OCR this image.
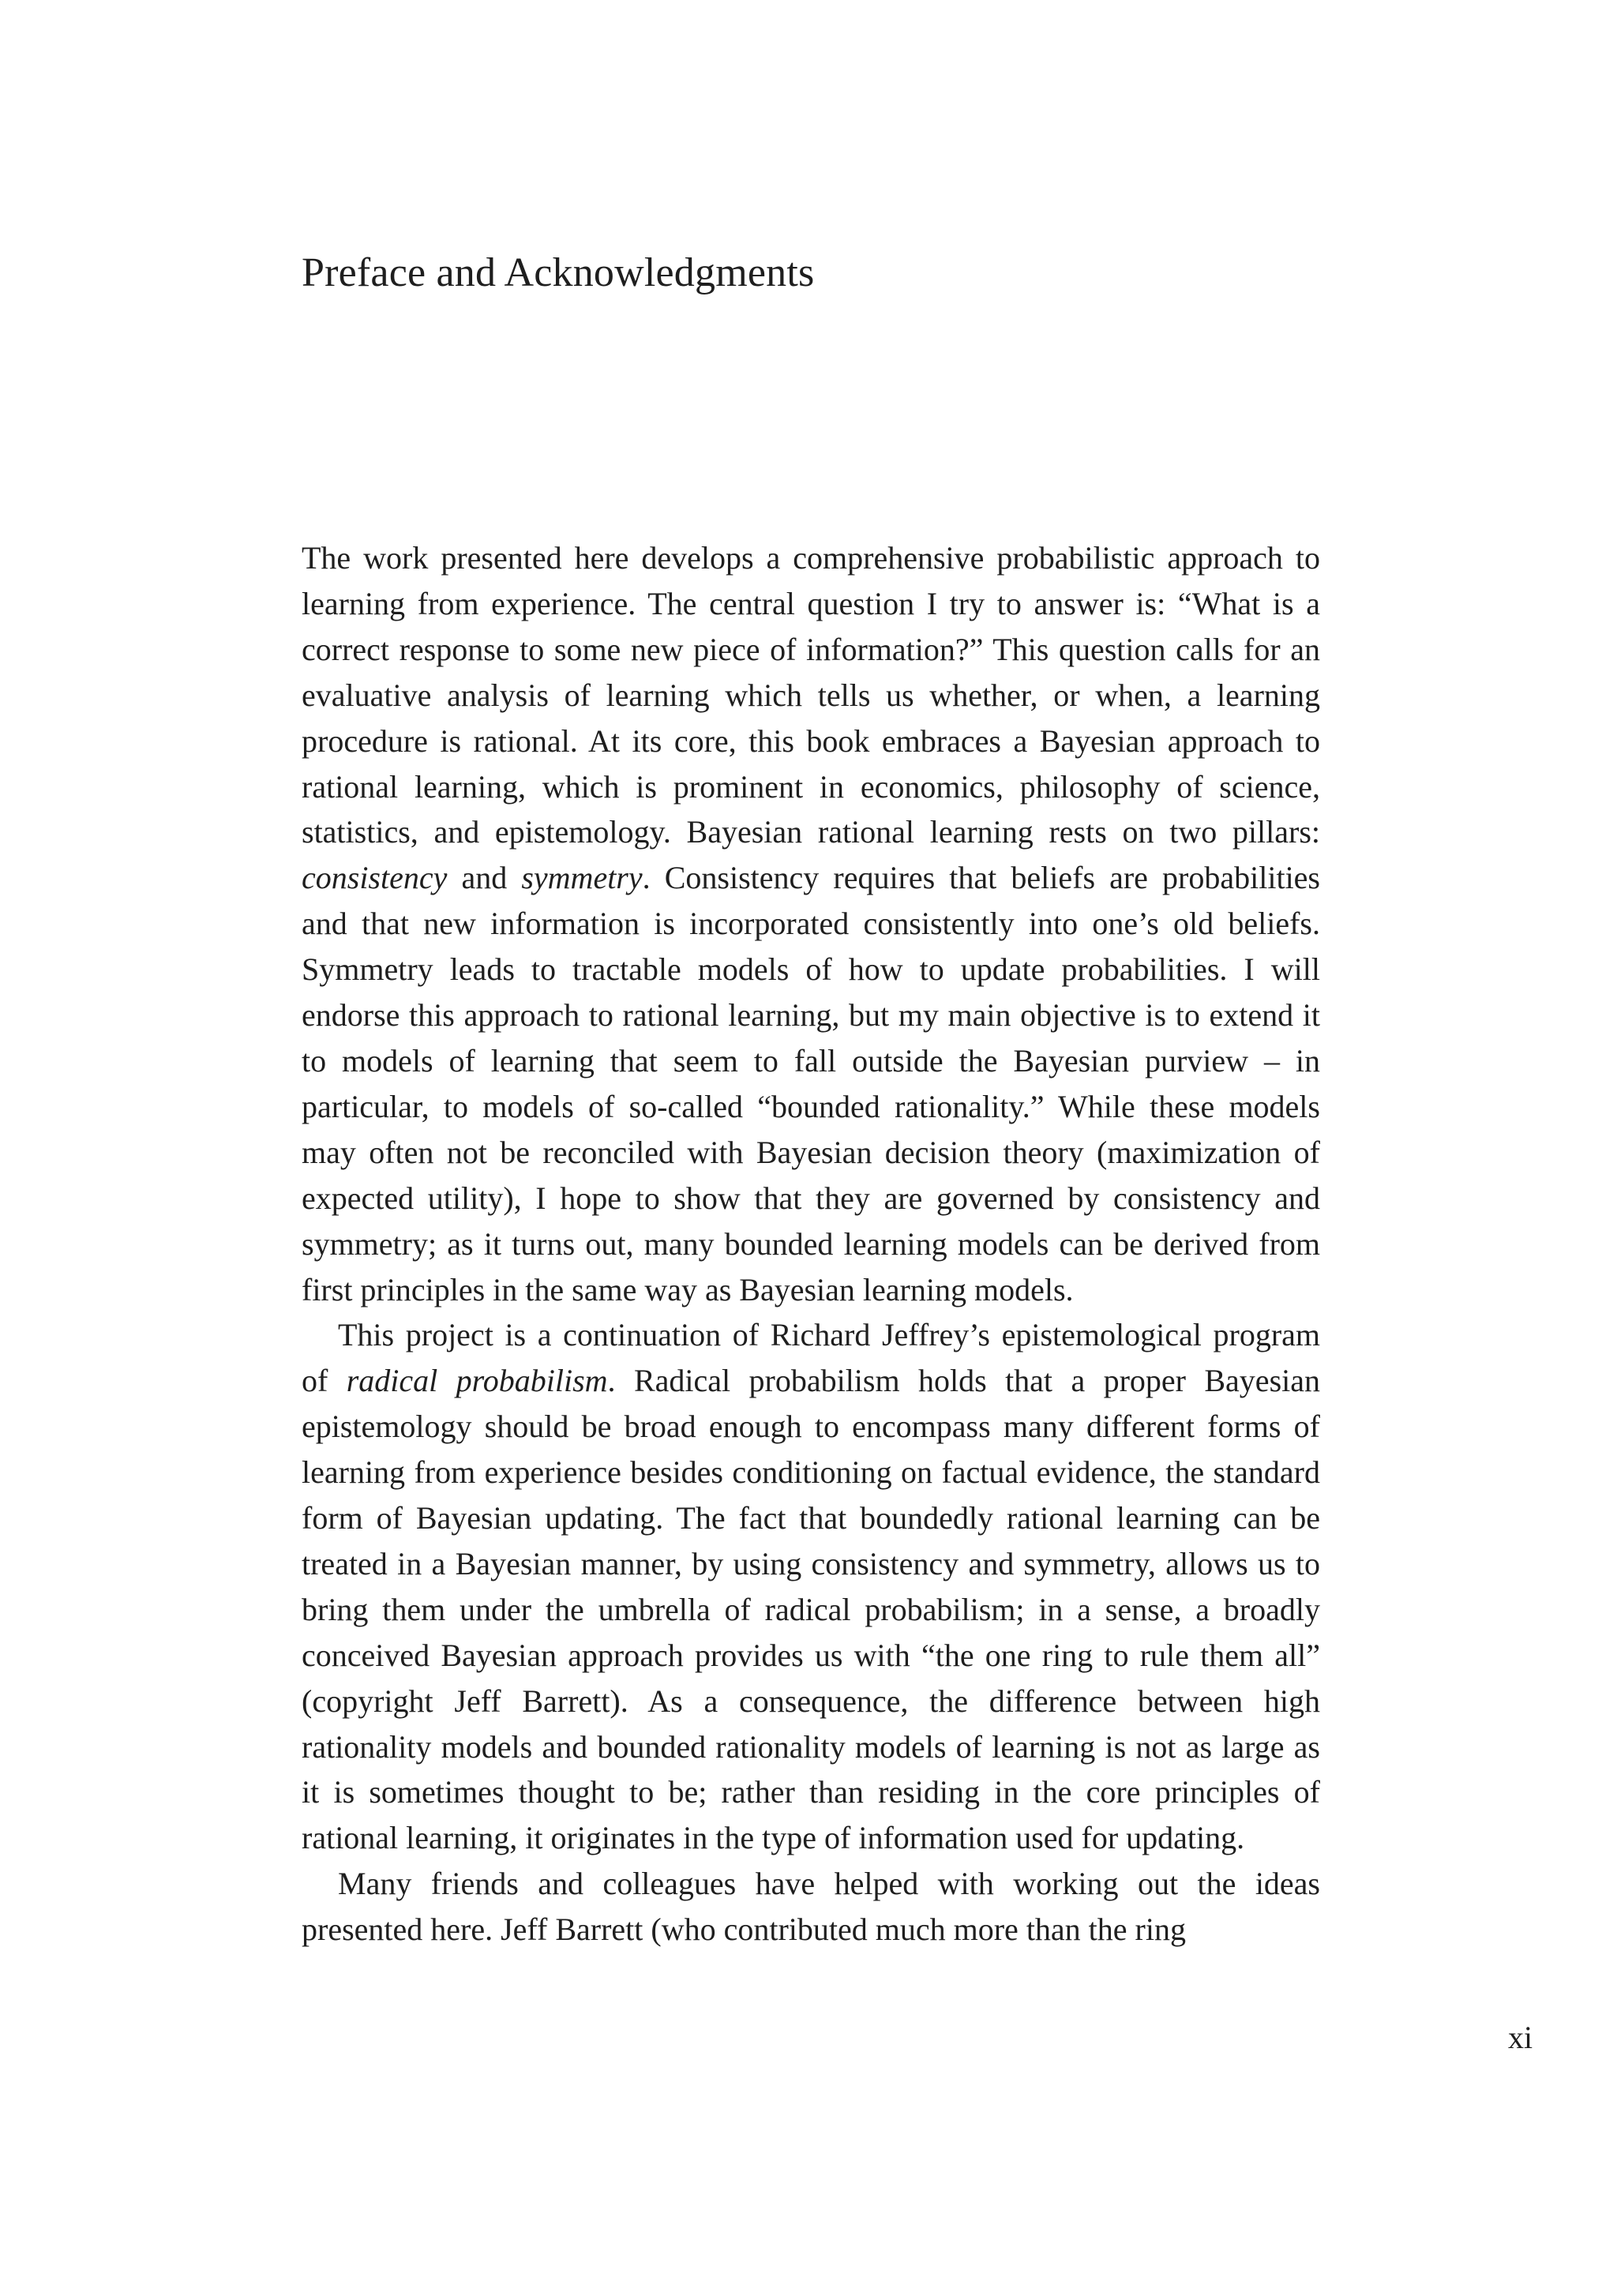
Preface and Acknowledgments

The work presented here develops a comprehensive probabilistic approach to learning from experience. The central question I try to answer is: “What is a correct response to some new piece of information?” This question calls for an evaluative analysis of learning which tells us whether, or when, a learning procedure is rational. At its core, this book embraces a Bayesian approach to rational learning, which is prominent in economics, philosophy of science, statistics, and epistemology. Bayesian rational learning rests on two pillars: consistency and symmetry. Consistency requires that beliefs are probabilities and that new information is incorporated consistently into one’s old beliefs. Symmetry leads to tractable models of how to update probabilities. I will endorse this approach to rational learning, but my main objective is to extend it to models of learning that seem to fall outside the Bayesian purview – in particular, to models of so-called “bounded rationality.” While these models may often not be reconciled with Bayesian decision theory (maximization of expected utility), I hope to show that they are governed by consistency and symmetry; as it turns out, many bounded learning models can be derived from first principles in the same way as Bayesian learning models.

This project is a continuation of Richard Jeffrey’s epistemological program of radical probabilism. Radical probabilism holds that a proper Bayesian epistemology should be broad enough to encompass many different forms of learning from experience besides conditioning on factual evidence, the standard form of Bayesian updating. The fact that boundedly rational learning can be treated in a Bayesian manner, by using consistency and symmetry, allows us to bring them under the umbrella of radical probabilism; in a sense, a broadly conceived Bayesian approach provides us with “the one ring to rule them all” (copyright Jeff Barrett). As a consequence, the difference between high rationality models and bounded rationality models of learning is not as large as it is sometimes thought to be; rather than residing in the core principles of rational learning, it originates in the type of information used for updating.

Many friends and colleagues have helped with working out the ideas presented here. Jeff Barrett (who contributed much more than the ring

xi
